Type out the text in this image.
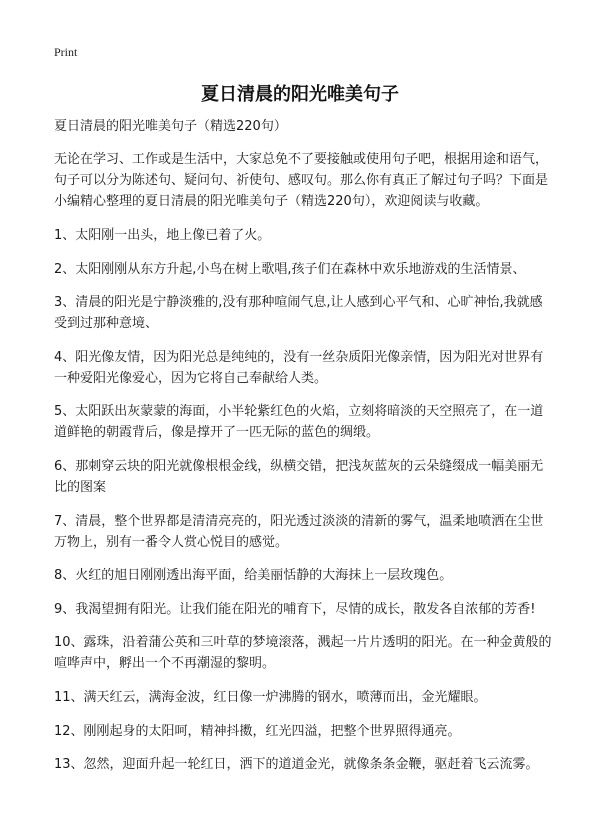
Print
夏日清晨的阳光唯美句子

夏日清晨的阳光唯美句子（精选220句）

无论在学习、工作或是生活中，大家总免不了要接触或使用句子吧，根据用途和语气，句子可以分为陈述句、疑问句、祈使句、感叹句。那么你有真正了解过句子吗？下面是小编精心整理的夏日清晨的阳光唯美句子（精选220句），欢迎阅读与收藏。

1、太阳刚一出头，地上像已着了火。

2、太阳刚刚从东方升起,小鸟在树上歌唱,孩子们在森林中欢乐地游戏的生活情景、

3、清晨的阳光是宁静淡雅的,没有那种喧闹气息,让人感到心平气和、心旷神怡,我就感受到过那种意境、

4、阳光像友情，因为阳光总是纯纯的，没有一丝杂质阳光像亲情，因为阳光对世界有一种爱阳光像爱心，因为它将自己奉献给人类。

5、太阳跃出灰蒙蒙的海面，小半轮紫红色的火焰，立刻将暗淡的天空照亮了，在一道道鲜艳的朝霞背后，像是撑开了一匹无际的蓝色的绸缎。

6、那刺穿云块的阳光就像根根金线，纵横交错，把浅灰蓝灰的云朵缝缀成一幅美丽无比的图案

7、清晨，整个世界都是清清亮亮的，阳光透过淡淡的清新的雾气，温柔地喷洒在尘世万物上，别有一番令人赏心悦目的感觉。

8、火红的旭日刚刚透出海平面，给美丽恬静的大海抹上一层玫瑰色。

9、我渴望拥有阳光。让我们能在阳光的哺育下，尽情的成长，散发各自浓郁的芳香!

10、露珠，沿着蒲公英和三叶草的梦境滚落，溅起一片片透明的阳光。在一种金黄般的喧哗声中，孵出一个不再潮湿的黎明。

11、满天红云，满海金波，红日像一炉沸腾的钢水，喷薄而出，金光耀眼。

12、刚刚起身的太阳呵，精神抖擞，红光四溢，把整个世界照得通亮。

13、忽然，迎面升起一轮红日，洒下的道道金光，就像条条金鞭，驱赶着飞云流雾。
